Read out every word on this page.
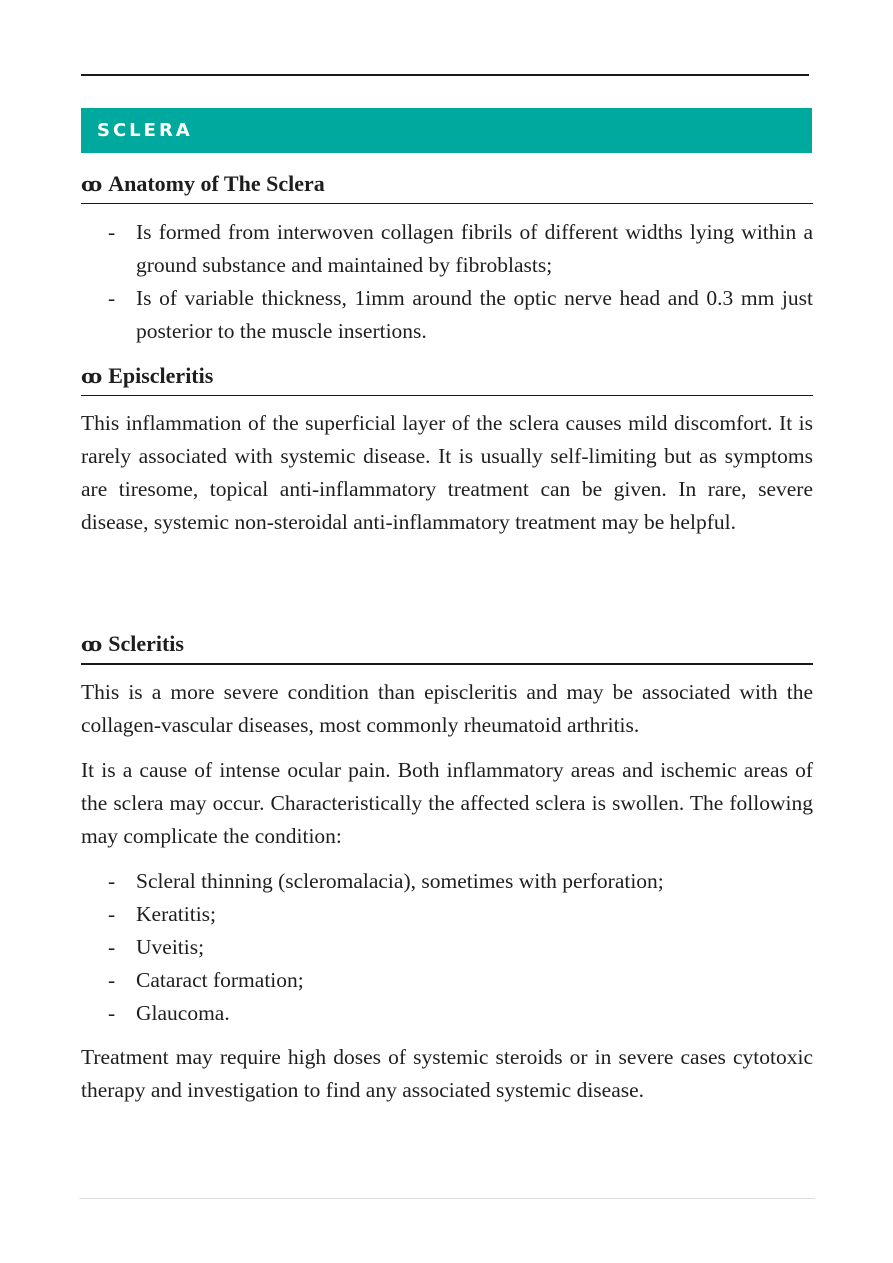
SCLERA
ꝏ Anatomy of The Sclera
- Is formed from interwoven collagen fibrils of different widths lying within a ground substance and maintained by fibroblasts;
- Is of variable thickness, 1imm around the optic nerve head and 0.3 mm just posterior to the muscle insertions.
ꝏ Episcleritis

This inflammation of the superficial layer of the sclera causes mild discomfort. It is rarely associated with systemic disease. It is usually self-limiting but as symptoms are tiresome, topical anti-inflammatory treatment can be given. In rare, severe disease, systemic non-steroidal anti-inflammatory treatment may be helpful.

ꝏ Scleritis

This is a more severe condition than episcleritis and may be associated with the collagen-vascular diseases, most commonly rheumatoid arthritis.

It is a cause of intense ocular pain. Both inflammatory areas and ischemic areas of the sclera may occur. Characteristically the affected sclera is swollen. The following may complicate the condition:

- Scleral thinning (scleromalacia), sometimes with perforation;
- Keratitis;
- Uveitis;
- Cataract formation;
- Glaucoma.

Treatment may require high doses of systemic steroids or in severe cases cytotoxic therapy and investigation to find any associated systemic disease.
